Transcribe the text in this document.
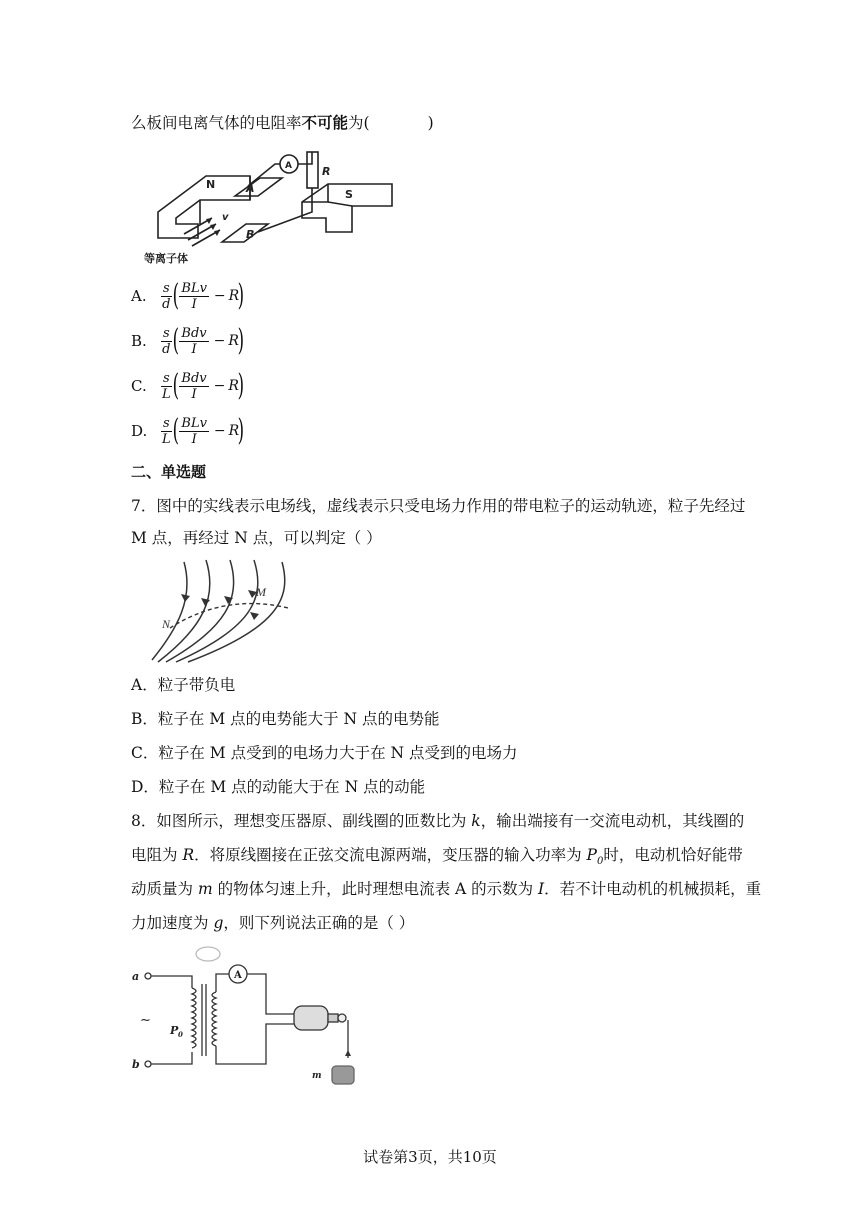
么板间电离气体的电阻率不可能为(	)
N	A
B
S
R
A
v
等离子体
A.	$\frac{s}{d}$ ( $\frac{\text{BLv}}{I} - R$
)
B.	$\frac{s}{d}$ ( $\frac{\text{Bdv}}{I} - R$
)
C.	$\frac{s}{L}$ ( $\frac{\text{Bdv}}{I} - R$
)
D.	$\frac{s}{L}$ ( $\frac{\text{BLv}}{I} - R$
)
二、单选题
7．图中的实线表示电场线，虚线表示只受电场力作用的带电粒子的运动轨迹，粒子先经过
M 点，再经过 N 点，可以判定（ ）
M
N
A．粒子带负电
B．粒子在 M 点的电势能大于 N 点的电势能
C．粒子在 M 点受到的电场力大于在 N 点受到的电场力
D．粒子在 M 点的动能大于在 N 点的动能
8．如图所示，理想变压器原、副线圈的匝数比为 k，输出端接有一交流电动机，其线圈的
电阻为 R．将原线圈接在正弦交流电源两端，变压器的输入功率为 $P_0$时，电动机恰好能带
动质量为 m 的物体匀速上升，此时理想电流表 A 的示数为 I．若不计电动机的机械损耗，重
力加速度为 g，则下列说法正确的是（ ）
a
b
P 0
A
m
~
试卷第3页，共10页
